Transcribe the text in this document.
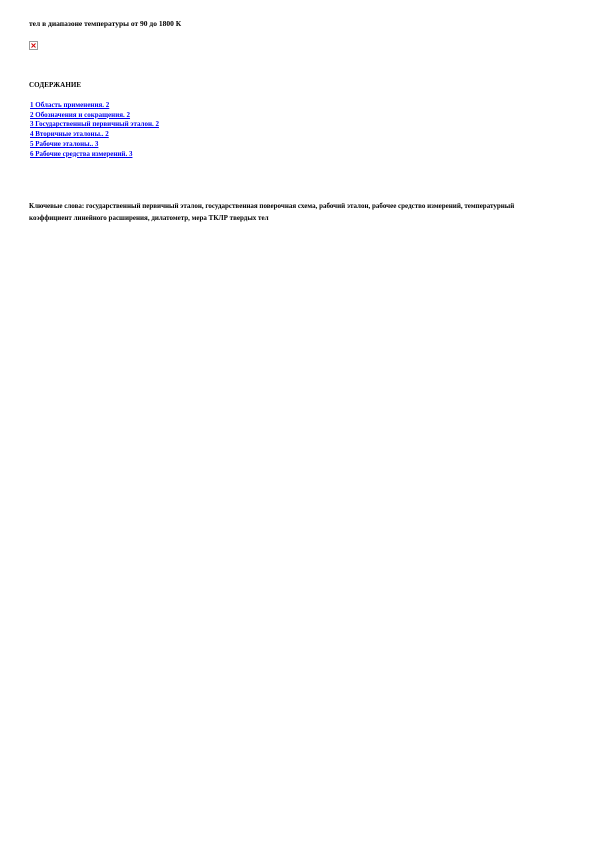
тел в диапазоне температуры от 90 до 1800 К
СОДЕРЖАНИЕ
1 Область применения. 2
2 Обозначения и сокращения. 2
3 Государственный первичный эталон. 2
4 Вторичные эталоны.. 2
5 Рабочие эталоны.. 3
6 Рабочие средства измерений. 3
Ключевые слова: государственный первичный эталон, государственная поверочная схема, рабочий эталон, рабочее средство измерений, температурный коэффициент линейного расширения, дилатометр, мера ТКЛР твердых тел
